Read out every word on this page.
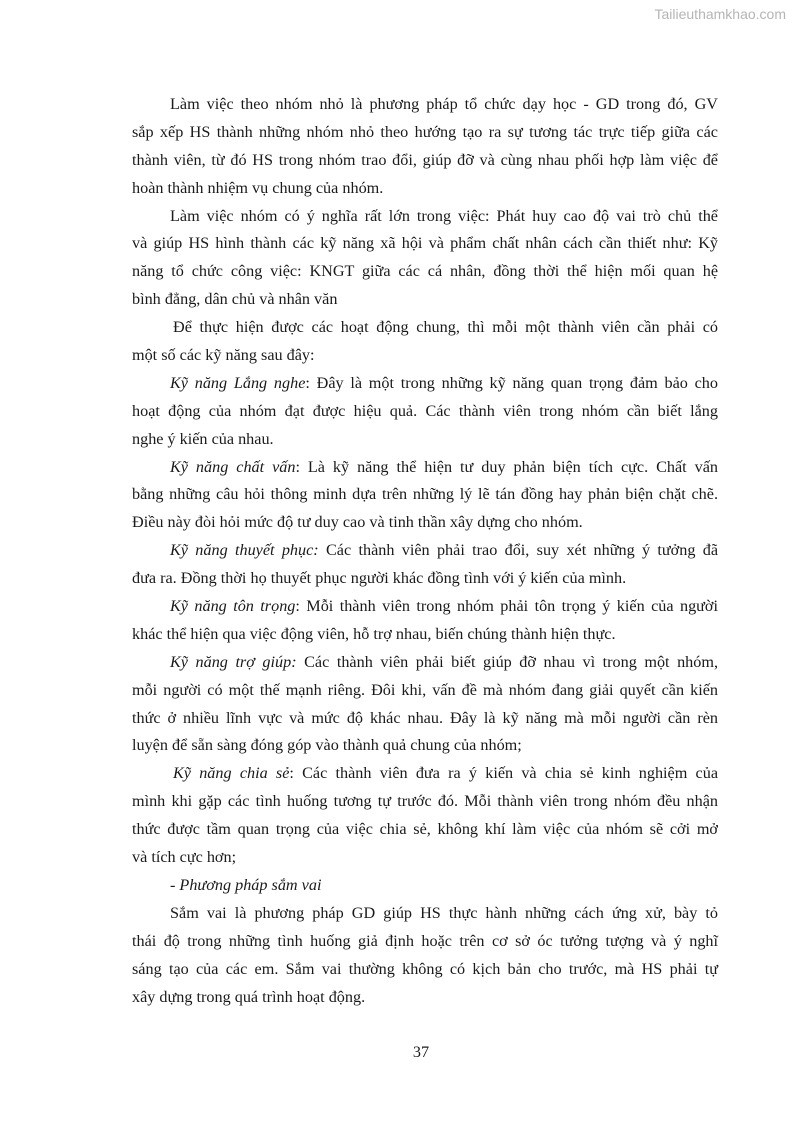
Tailieuthamkhao.com
Làm việc theo nhóm nhỏ là phương pháp tổ chức dạy học - GD trong đó, GV
sắp xếp HS thành những nhóm nhỏ theo hướng tạo ra sự tương tác trực tiếp giữa các
thành viên, từ đó HS trong nhóm trao đổi, giúp đỡ và cùng nhau phối hợp làm việc để
hoàn thành nhiệm vụ chung của nhóm.
Làm việc nhóm có ý nghĩa rất lớn trong việc: Phát huy cao độ vai trò chủ thể
và giúp HS hình thành các kỹ năng xã hội và phẩm chất nhân cách cần thiết như: Kỹ
năng tổ chức công việc: KNGT giữa các cá nhân, đồng thời thể hiện mối quan hệ
bình đẳng, dân chủ và nhân văn
Để thực hiện được các hoạt động chung, thì mỗi một thành viên cần phải có
một số các kỹ năng sau đây:
Kỹ năng Lắng nghe: Đây là một trong những kỹ năng quan trọng đảm bảo cho
hoạt động của nhóm đạt được hiệu quả. Các thành viên trong nhóm cần biết lắng
nghe ý kiến của nhau.
Kỹ năng chất vấn: Là kỹ năng thể hiện tư duy phản biện tích cực. Chất vấn
bằng những câu hỏi thông minh dựa trên những lý lẽ tán đồng hay phản biện chặt chẽ.
Điều này đòi hỏi mức độ tư duy cao và tinh thần xây dựng cho nhóm.
Kỹ năng thuyết phục: Các thành viên phải trao đổi, suy xét những ý tưởng đã
đưa ra. Đồng thời họ thuyết phục người khác đồng tình với ý kiến của mình.
Kỹ năng tôn trọng: Mỗi thành viên trong nhóm phải tôn trọng ý kiến của người
khác thể hiện qua việc động viên, hỗ trợ nhau, biến chúng thành hiện thực.
Kỹ năng trợ giúp: Các thành viên phải biết giúp đỡ nhau vì trong một nhóm,
mỗi người có một thế mạnh riêng. Đôi khi, vấn đề mà nhóm đang giải quyết cần kiến
thức ở nhiều lĩnh vực và mức độ khác nhau. Đây là kỹ năng mà mỗi người cần rèn
luyện để sẵn sàng đóng góp vào thành quả chung của nhóm;
Kỹ năng chia sẻ: Các thành viên đưa ra ý kiến và chia sẻ kinh nghiệm của
mình khi gặp các tình huống tương tự trước đó. Mỗi thành viên trong nhóm đều nhận
thức được tầm quan trọng của việc chia sẻ, không khí làm việc của nhóm sẽ cởi mở
và tích cực hơn;
- Phương pháp sắm vai
Sắm vai là phương pháp GD giúp HS thực hành những cách ứng xử, bày tỏ
thái độ trong những tình huống giả định hoặc trên cơ sở óc tưởng tượng và ý nghĩ
sáng tạo của các em. Sắm vai thường không có kịch bản cho trước, mà HS phải tự
xây dựng trong quá trình hoạt động.
37
